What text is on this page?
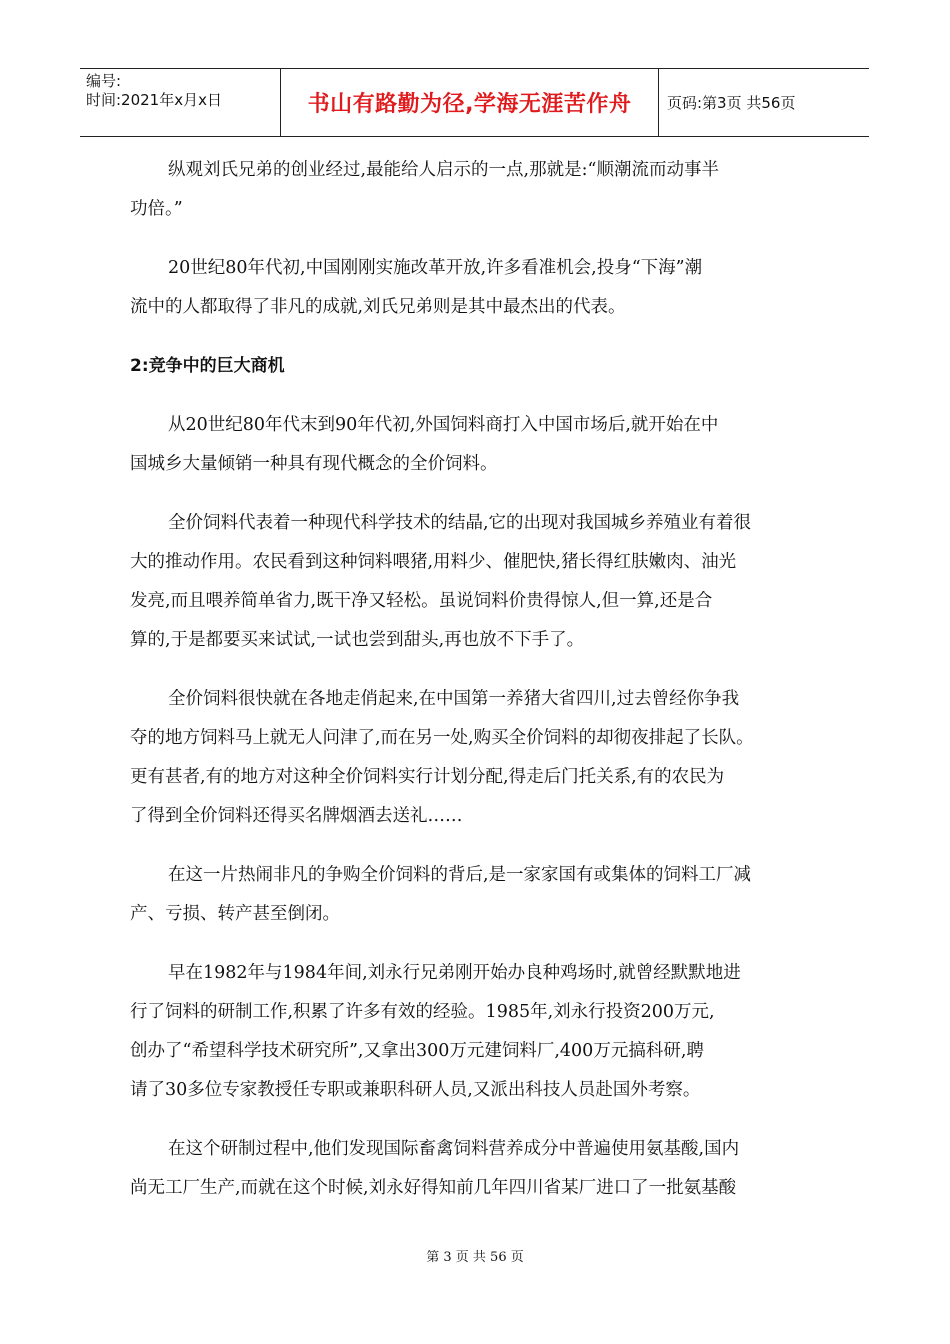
编号:
时间:2021年x月x日	书山有路勤为径,学海无涯苦作舟	页码:第3页 共56页

纵观刘氏兄弟的创业经过,最能给人启示的一点,那就是:“顺潮流而动事半
功倍。”

20世纪80年代初,中国刚刚实施改革开放,许多看准机会,投身“下海”潮
流中的人都取得了非凡的成就,刘氏兄弟则是其中最杰出的代表。

2:竞争中的巨大商机

从20世纪80年代末到90年代初,外国饲料商打入中国市场后,就开始在中
国城乡大量倾销一种具有现代概念的全价饲料。

全价饲料代表着一种现代科学技术的结晶,它的出现对我国城乡养殖业有着很
大的推动作用。农民看到这种饲料喂猪,用料少、催肥快,猪长得红肤嫩肉、油光
发亮,而且喂养简单省力,既干净又轻松。虽说饲料价贵得惊人,但一算,还是合
算的,于是都要买来试试,一试也尝到甜头,再也放不下手了。

全价饲料很快就在各地走俏起来,在中国第一养猪大省四川,过去曾经你争我
夺的地方饲料马上就无人问津了,而在另一处,购买全价饲料的却彻夜排起了长队。
更有甚者,有的地方对这种全价饲料实行计划分配,得走后门托关系,有的农民为
了得到全价饲料还得买名牌烟酒去送礼……

在这一片热闹非凡的争购全价饲料的背后,是一家家国有或集体的饲料工厂减
产、亏损、转产甚至倒闭。

早在1982年与1984年间,刘永行兄弟刚开始办良种鸡场时,就曾经默默地进
行了饲料的研制工作,积累了许多有效的经验。1985年,刘永行投资200万元,
创办了“希望科学技术研究所”,又拿出300万元建饲料厂,400万元搞科研,聘
请了30多位专家教授任专职或兼职科研人员,又派出科技人员赴国外考察。

在这个研制过程中,他们发现国际畜禽饲料营养成分中普遍使用氨基酸,国内
尚无工厂生产,而就在这个时候,刘永好得知前几年四川省某厂进口了一批氨基酸

第 3 页 共 56 页
